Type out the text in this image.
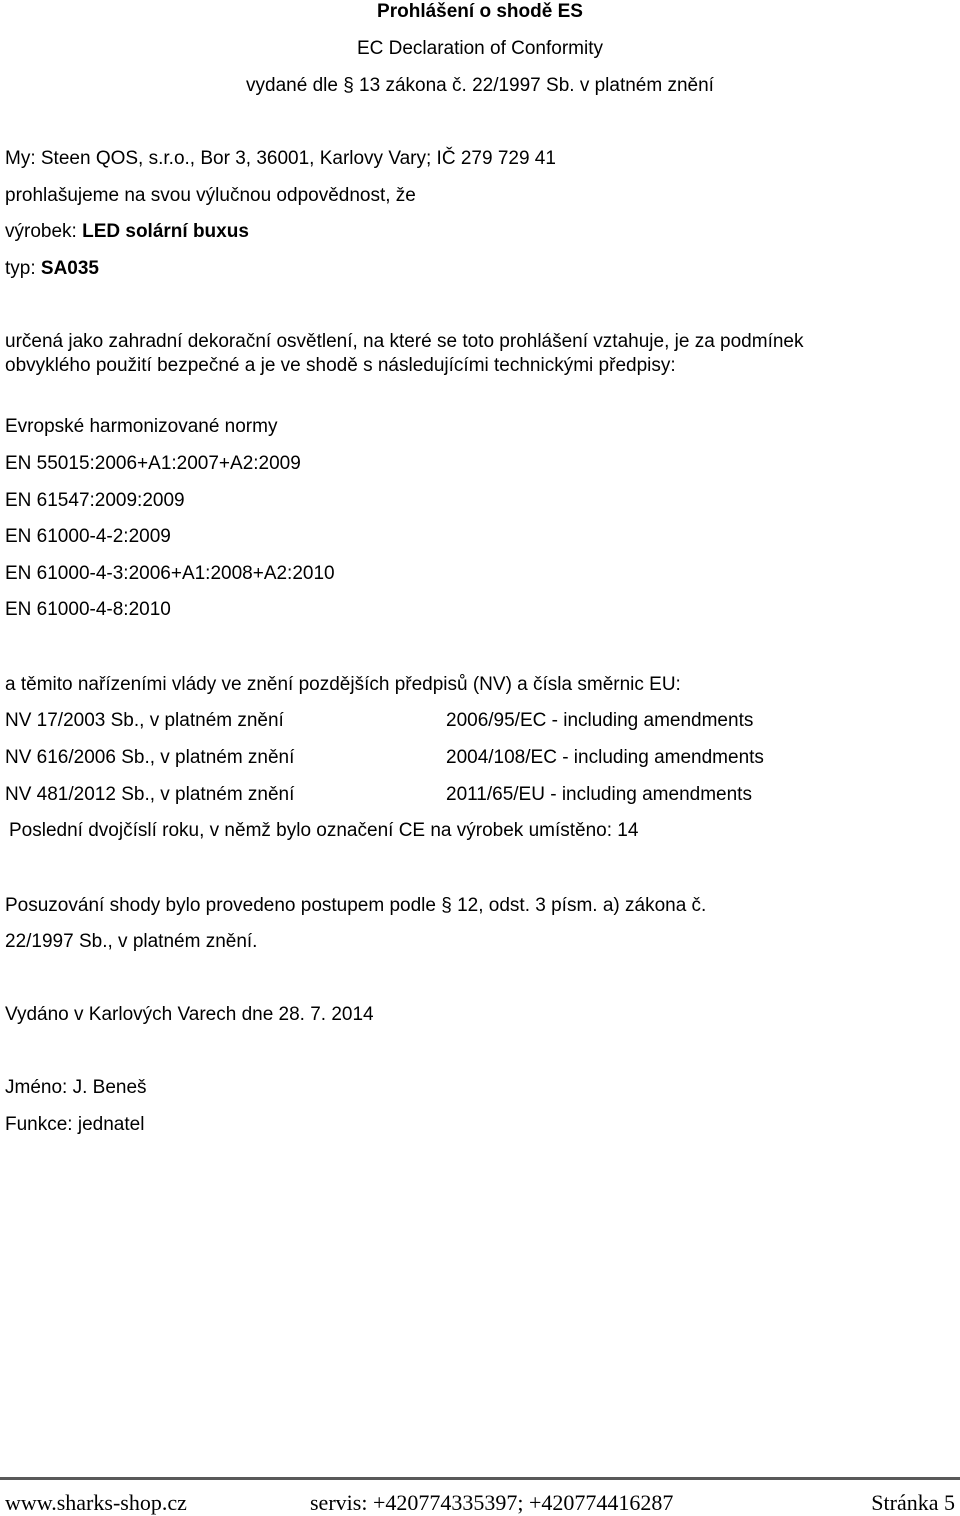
Prohlášení o shodě ES
EC Declaration of Conformity
vydané dle § 13 zákona č. 22/1997 Sb. v platném znění
My: Steen QOS, s.r.o., Bor 3, 36001, Karlovy Vary; IČ 279 729 41
prohlašujeme na svou výlučnou odpovědnost, že
výrobek: LED solární buxus
typ: SA035
určená jako zahradní dekorační osvětlení, na které se toto prohlášení vztahuje, je za podmínek
obvyklého použití bezpečné a je ve shodě s následujícími technickými předpisy:
Evropské harmonizované normy
EN 55015:2006+A1:2007+A2:2009
EN 61547:2009:2009
EN 61000-4-2:2009
EN 61000-4-3:2006+A1:2008+A2:2010
EN 61000-4-8:2010
a těmito nařízeními vlády ve znění pozdějších předpisů (NV) a čísla směrnic EU:
NV 17/2003 Sb., v platném znění	2006/95/EC - including amendments
NV 616/2006 Sb., v platném znění	2004/108/EC - including amendments
NV 481/2012 Sb., v platném znění	2011/65/EU - including amendments
Poslední dvojčíslí roku, v němž bylo označení CE na výrobek umístěno: 14
Posuzování shody bylo provedeno postupem podle § 12, odst. 3 písm. a) zákona č.
22/1997 Sb., v platném znění.
Vydáno v Karlových Varech dne 28. 7. 2014
Jméno: J. Beneš
Funkce: jednatel
www.sharks-shop.cz	servis: +420774335397; +420774416287	Stránka 5
